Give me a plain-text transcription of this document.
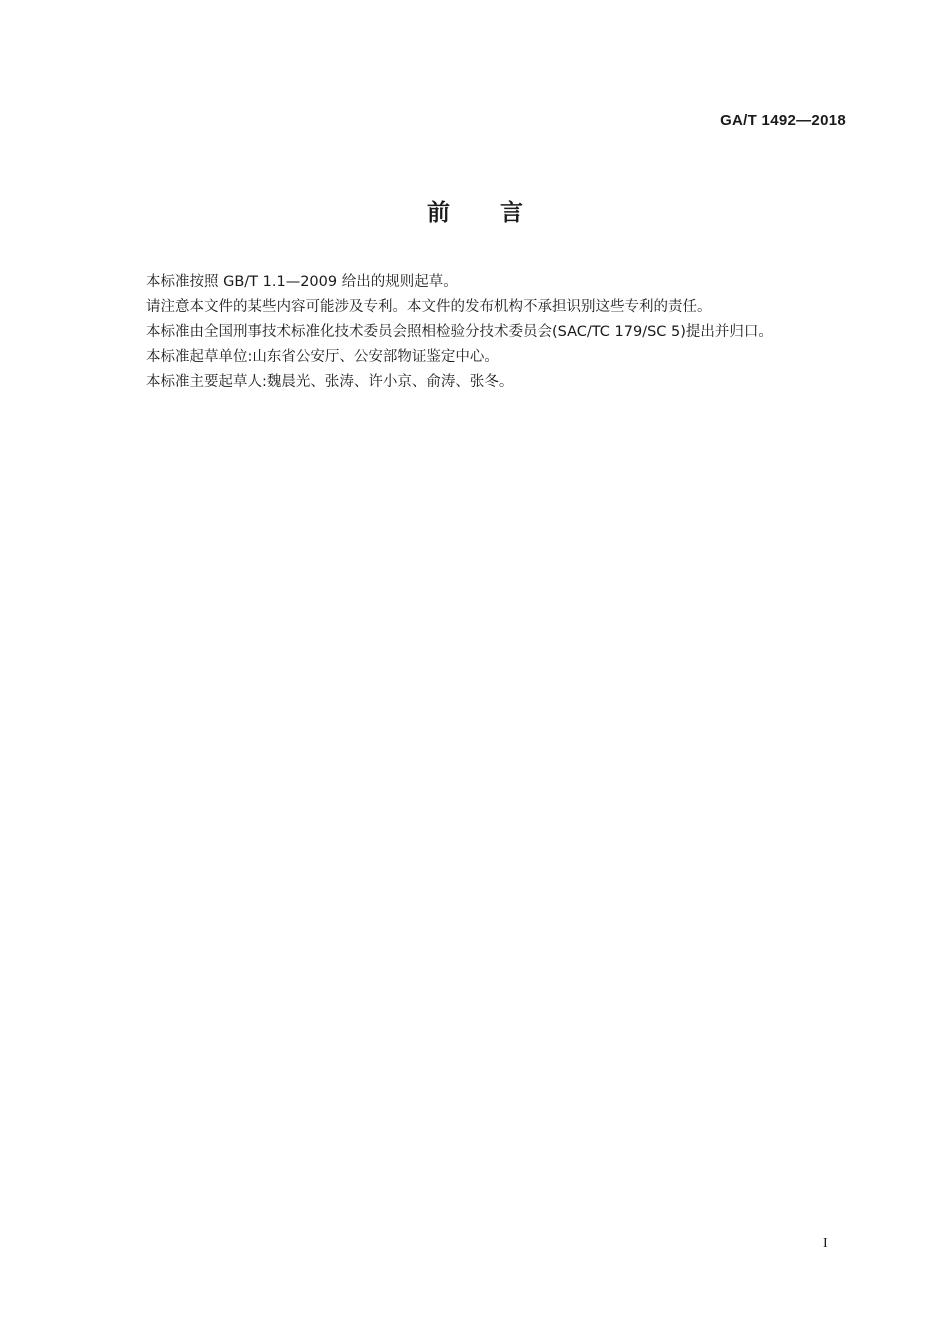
GA/T 1492—2018
前言

本标准按照 GB/T 1.1—2009 给出的规则起草。

请注意本文件的某些内容可能涉及专利。本文件的发布机构不承担识别这些专利的责任。

本标准由全国刑事技术标准化技术委员会照相检验分技术委员会(SAC/TC 179/SC 5)提出并归口。

本标准起草单位:山东省公安厅、公安部物证鉴定中心。

本标准主要起草人:魏晨光、张涛、许小京、俞涛、张冬。

I
